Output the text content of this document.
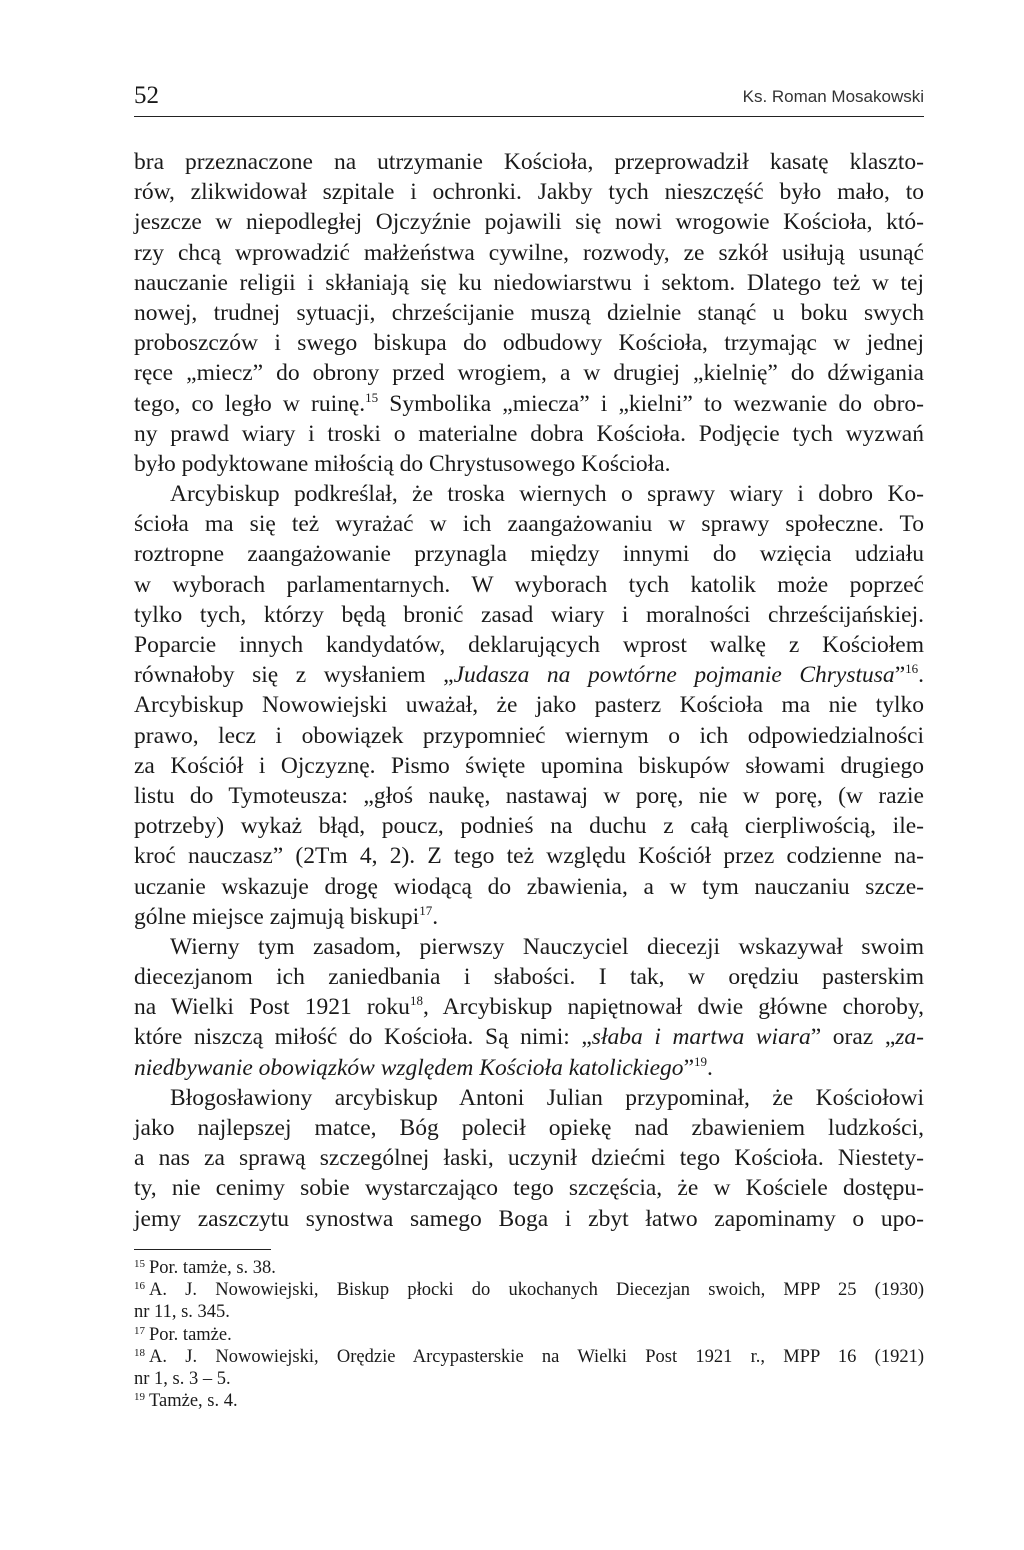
52	Ks. Roman Mosakowski
bra przeznaczone na utrzymanie Kościoła, przeprowadził kasatę klaszto-
rów, zlikwidował szpitale i ochronki. Jakby tych nieszczęść było mało, to
jeszcze w niepodległej Ojczyźnie pojawili się nowi wrogowie Kościoła, któ-
rzy chcą wprowadzić małżeństwa cywilne, rozwody, ze szkół usiłują usunąć
nauczanie religii i skłaniają się ku niedowiarstwu i sektom. Dlatego też w tej
nowej, trudnej sytuacji, chrześcijanie muszą dzielnie stanąć u boku swych
proboszczów i swego biskupa do odbudowy Kościoła, trzymając w jednej
ręce „miecz” do obrony przed wrogiem, a w drugiej „kielnię” do dźwigania
tego, co legło w ruinę.$^{15}$ Symbolika „miecza” i „kielni” to wezwanie do obro-
ny prawd wiary i troski o materialne dobra Kościoła. Podjęcie tych wyzwań
było podyktowane miłością do Chrystusowego Kościoła.
Arcybiskup podkreślał, że troska wiernych o sprawy wiary i dobro Ko-
ścioła ma się też wyrażać w ich zaangażowaniu w sprawy społeczne. To
roztropne zaangażowanie przynagla między innymi do wzięcia udziału
w wyborach parlamentarnych. W wyborach tych katolik może poprzeć
tylko tych, którzy będą bronić zasad wiary i moralności chrześcijańskiej.
Poparcie innych kandydatów, deklarujących wprost walkę z Kościołem
równałoby się z wysłaniem „Judasza na powtórne pojmanie Chrystusa”$^{16}$.
Arcybiskup Nowowiejski uważał, że jako pasterz Kościoła ma nie tylko
prawo, lecz i obowiązek przypomnieć wiernym o ich odpowiedzialności
za Kościół i Ojczyznę. Pismo święte upomina biskupów słowami drugiego
listu do Tymoteusza: „głoś naukę, nastawaj w porę, nie w porę, (w razie
potrzeby) wykaż błąd, poucz, podnieś na duchu z całą cierpliwością, ile-
kroć nauczasz” (2Tm 4, 2). Z tego też względu Kościół przez codzienne na-
uczanie wskazuje drogę wiodącą do zbawienia, a w tym nauczaniu szcze-
gólne miejsce zajmują biskupi$^{17}$.
Wierny tym zasadom, pierwszy Nauczyciel diecezji wskazywał swoim
diecezjanom ich zaniedbania i słabości. I tak, w orędziu pasterskim
na Wielki Post 1921 roku$^{18}$, Arcybiskup napiętnował dwie główne choroby,
które niszczą miłość do Kościoła. Są nimi: „słaba i martwa wiara” oraz „za-
niedbywanie obowiązków względem Kościoła katolickiego”$^{19}$.
Błogosławiony arcybiskup Antoni Julian przypominał, że Kościołowi
jako najlepszej matce, Bóg polecił opiekę nad zbawieniem ludzkości,
a nas za sprawą szczególnej łaski, uczynił dziećmi tego Kościoła. Niestety-
ty, nie cenimy sobie wystarczająco tego szczęścia, że w Kościele dostępu-
jemy zaszczytu synostwa samego Boga i zbyt łatwo zapominamy o upo-
$^{15}$ Por. tamże, s. 38.
$^{16}$ A. J. Nowowiejski, Biskup płocki do ukochanych Diecezjan swoich, MPP 25 (1930)
nr 11, s. 345.
$^{17}$ Por. tamże.
$^{18}$ A. J. Nowowiejski, Orędzie Arcypasterskie na Wielki Post 1921 r., MPP 16 (1921)
nr 1, s. 3 – 5.
$^{19}$ Tamże, s. 4.
